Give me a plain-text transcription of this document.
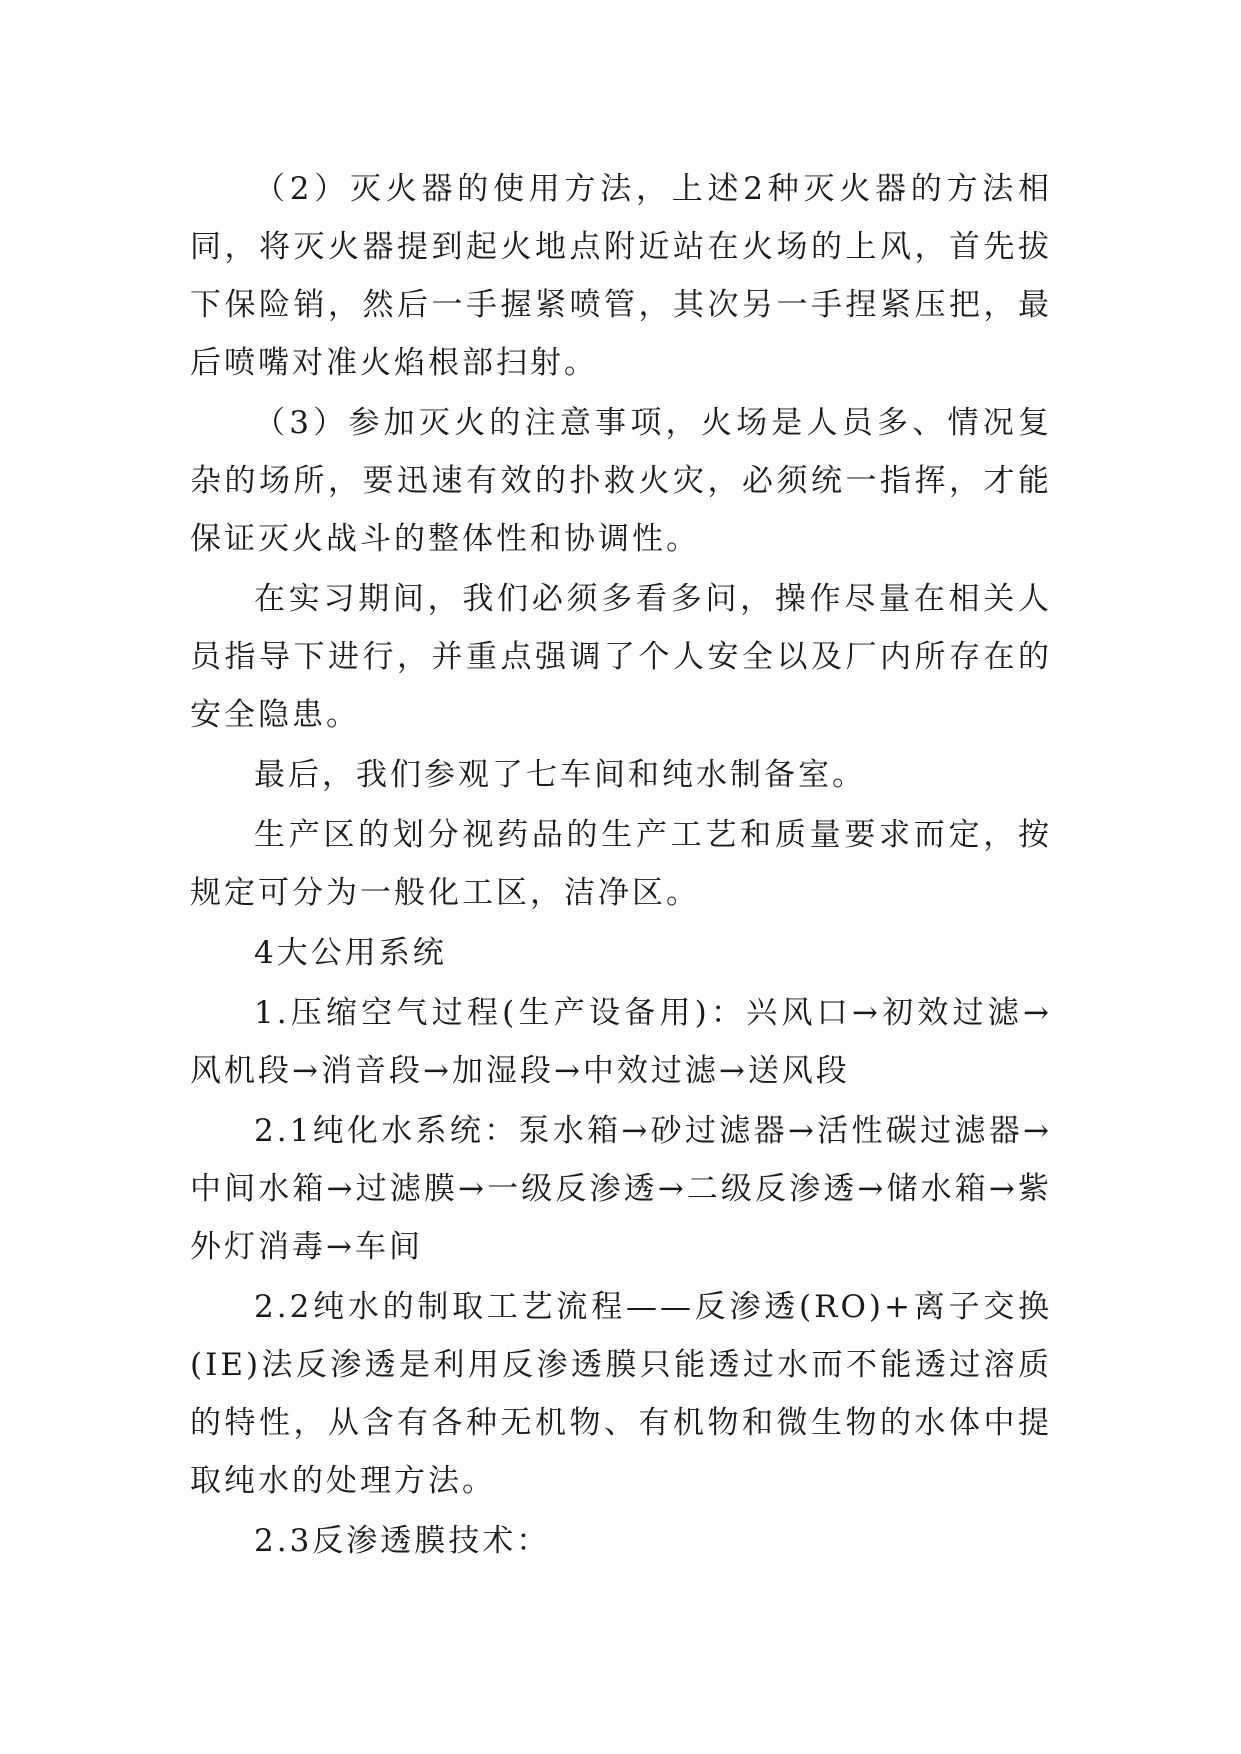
（2）灭火器的使用方法，上述2种灭火器的方法相同，将灭火器提到起火地点附近站在火场的上风，首先拔下保险销，然后一手握紧喷管，其次另一手捏紧压把，最后喷嘴对准火焰根部扫射。

（3）参加灭火的注意事项，火场是人员多、情况复杂的场所，要迅速有效的扑救火灾，必须统一指挥，才能保证灭火战斗的整体性和协调性。

在实习期间，我们必须多看多问，操作尽量在相关人员指导下进行，并重点强调了个人安全以及厂内所存在的安全隐患。

最后，我们参观了七车间和纯水制备室。

生产区的划分视药品的生产工艺和质量要求而定，按规定可分为一般化工区，洁净区。

4大公用系统

1.压缩空气过程(生产设备用)：兴风口→初效过滤→风机段→消音段→加湿段→中效过滤→送风段

2.1纯化水系统：泵水箱→砂过滤器→活性碳过滤器→中间水箱→过滤膜→一级反渗透→二级反渗透→储水箱→紫外灯消毒→车间

2.2纯水的制取工艺流程——反渗透(RO)+离子交换(IE)法反渗透是利用反渗透膜只能透过水而不能透过溶质的特性，从含有各种无机物、有机物和微生物的水体中提取纯水的处理方法。

2.3反渗透膜技术：
